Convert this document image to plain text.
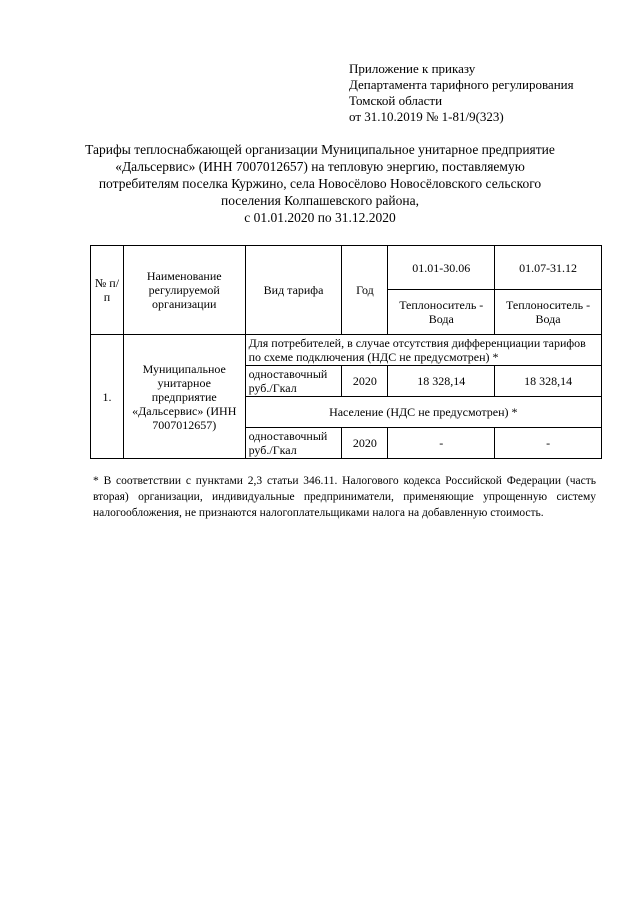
Приложение к приказу
Департамента тарифного регулирования
Томской области
от 31.10.2019 № 1-81/9(323)
Тарифы теплоснабжающей организации Муниципальное унитарное предприятие
«Дальсервис» (ИНН 7007012657) на тепловую энергию, поставляемую
потребителям поселка Куржино, села Новосёлово Новосёловского сельского
поселения Колпашевского района,
с 01.01.2020 по 31.12.2020
№ п/п	Наименование регулируемой организации	Вид тарифа	Год	01.01-30.06	01.07-31.12
				Теплоноситель - Вода	Теплоноситель - Вода
1.	Муниципальное унитарное предприятие «Дальсервис» (ИНН 7007012657)	Для потребителей, в случае отсутствия дифференциации тарифов по схеме подключения (НДС не предусмотрен) *			
		одноставочный руб./Гкал	2020	18 328,14	18 328,14
		Население (НДС не предусмотрен) *			
		одноставочный руб./Гкал	2020	-	-
* В соответствии с пунктами 2,3 статьи 346.11. Налогового кодекса Российской Федерации (часть вторая) организации, индивидуальные предприниматели, применяющие упрощенную систему налогообложения, не признаются налогоплательщиками налога на добавленную стоимость.
